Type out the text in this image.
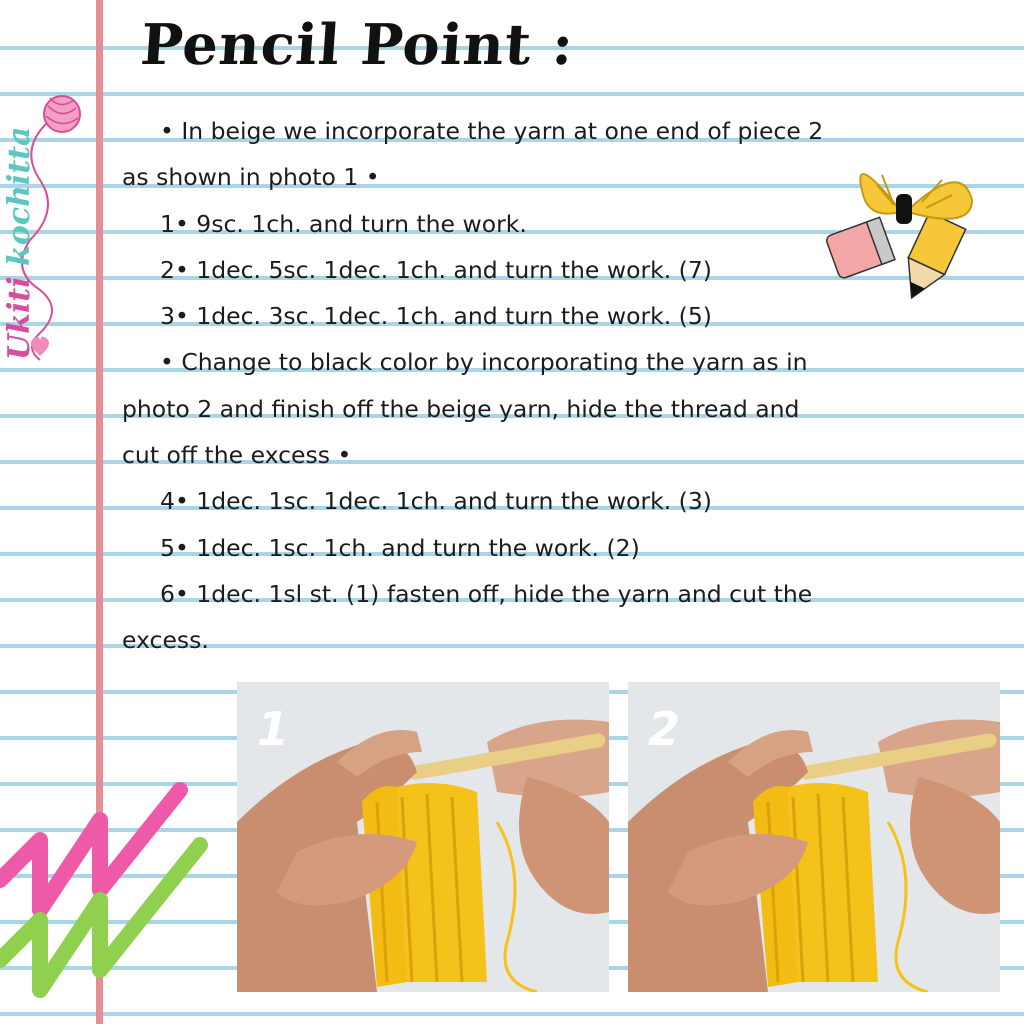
Pencil Point :
Ukiti kochitta	• In beige we incorporate the yarn at one end of piece 2

as shown in photo 1 •

1• 9sc. 1ch. and turn the work.

2• 1dec. 5sc. 1dec. 1ch. and turn the work. (7)

3• 1dec. 3sc. 1dec. 1ch. and turn the work. (5)

• Change to black color by incorporating the yarn as in

photo 2 and finish off the beige yarn, hide the thread and

cut off the excess •

4• 1dec. 1sc. 1dec. 1ch. and turn the work. (3)

5• 1dec. 1sc. 1ch. and turn the work. (2)

6• 1dec. 1sl st. (1) fasten off, hide the yarn and cut the

excess.

1	2
